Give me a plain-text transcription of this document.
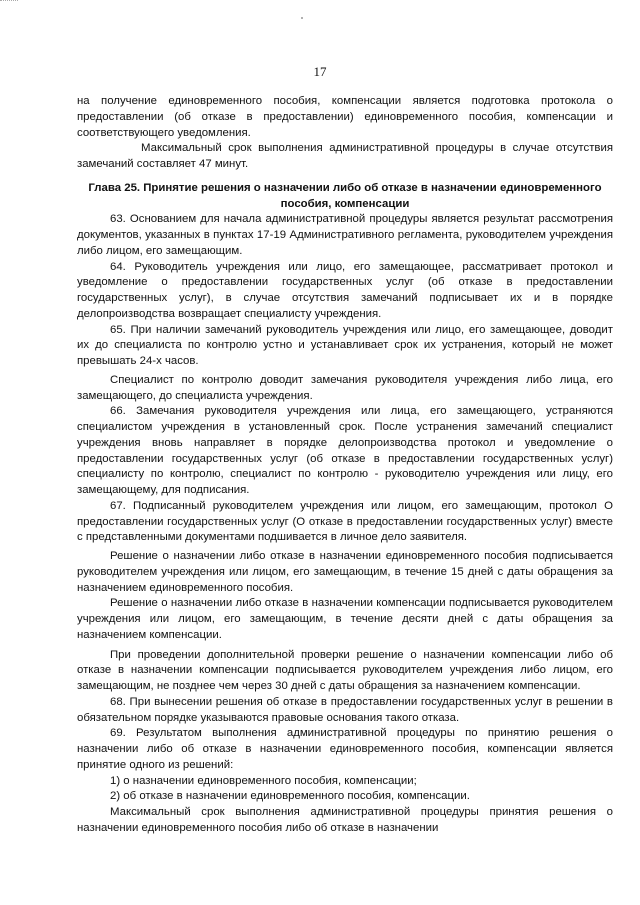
17

на получение единовременного пособия, компенсации является подготовка протокола о предоставлении (об отказе в предоставлении) единовременного пособия, компенсации и соответствующего уведомления.

Максимальный срок выполнения административной процедуры в случае отсутствия замечаний составляет 47 минут.

Глава 25. Принятие решения о назначении либо об отказе в назначении единовременного пособия, компенсации

63. Основанием для начала административной процедуры является результат рассмотрения документов, указанных в пунктах 17-19 Административного регламента, руководителем учреждения либо лицом, его замещающим.

64. Руководитель учреждения или лицо, его замещающее, рассматривает протокол и уведомление о предоставлении государственных услуг (об отказе в предоставлении государственных услуг), в случае отсутствия замечаний подписывает их и в порядке делопроизводства возвращает специалисту учреждения.

65. При наличии замечаний руководитель учреждения или лицо, его замещающее, доводит их до специалиста по контролю устно и устанавливает срок их устранения, который не может превышать 24-х часов.

Специалист по контролю доводит замечания руководителя учреждения либо лица, его замещающего, до специалиста учреждения.

66. Замечания руководителя учреждения или лица, его замещающего, устраняются специалистом учреждения в установленный срок. После устранения замечаний специалист учреждения вновь направляет в порядке делопроизводства протокол и уведомление о предоставлении государственных услуг (об отказе в предоставлении государственных услуг) специалисту по контролю, специалист по контролю - руководителю учреждения или лицу, его замещающему, для подписания.

67. Подписанный руководителем учреждения или лицом, его замещающим, протокол О предоставлении государственных услуг (О отказе в предоставлении государственных услуг) вместе с представленными документами подшивается в личное дело заявителя.

Решение о назначении либо отказе в назначении единовременного пособия подписывается руководителем учреждения или лицом, его замещающим, в течение 15 дней с даты обращения за назначением единовременного пособия.

Решение о назначении либо отказе в назначении компенсации подписывается руководителем учреждения или лицом, его замещающим, в течение десяти дней с даты обращения за назначением компенсации.

При проведении дополнительной проверки решение о назначении компенсации либо об отказе в назначении компенсации подписывается руководителем учреждения либо лицом, его замещающим, не позднее чем через 30 дней с даты обращения за назначением компенсации.

68. При вынесении решения об отказе в предоставлении государственных услуг в решении в обязательном порядке указываются правовые основания такого отказа.

69. Результатом выполнения административной процедуры по принятию решения о назначении либо об отказе в назначении единовременного пособия, компенсации является принятие одного из решений:

1) о назначении единовременного пособия, компенсации;

2) об отказе в назначении единовременного пособия, компенсации.

Максимальный срок выполнения административной процедуры принятия решения о назначении единовременного пособия либо об отказе в назначении
